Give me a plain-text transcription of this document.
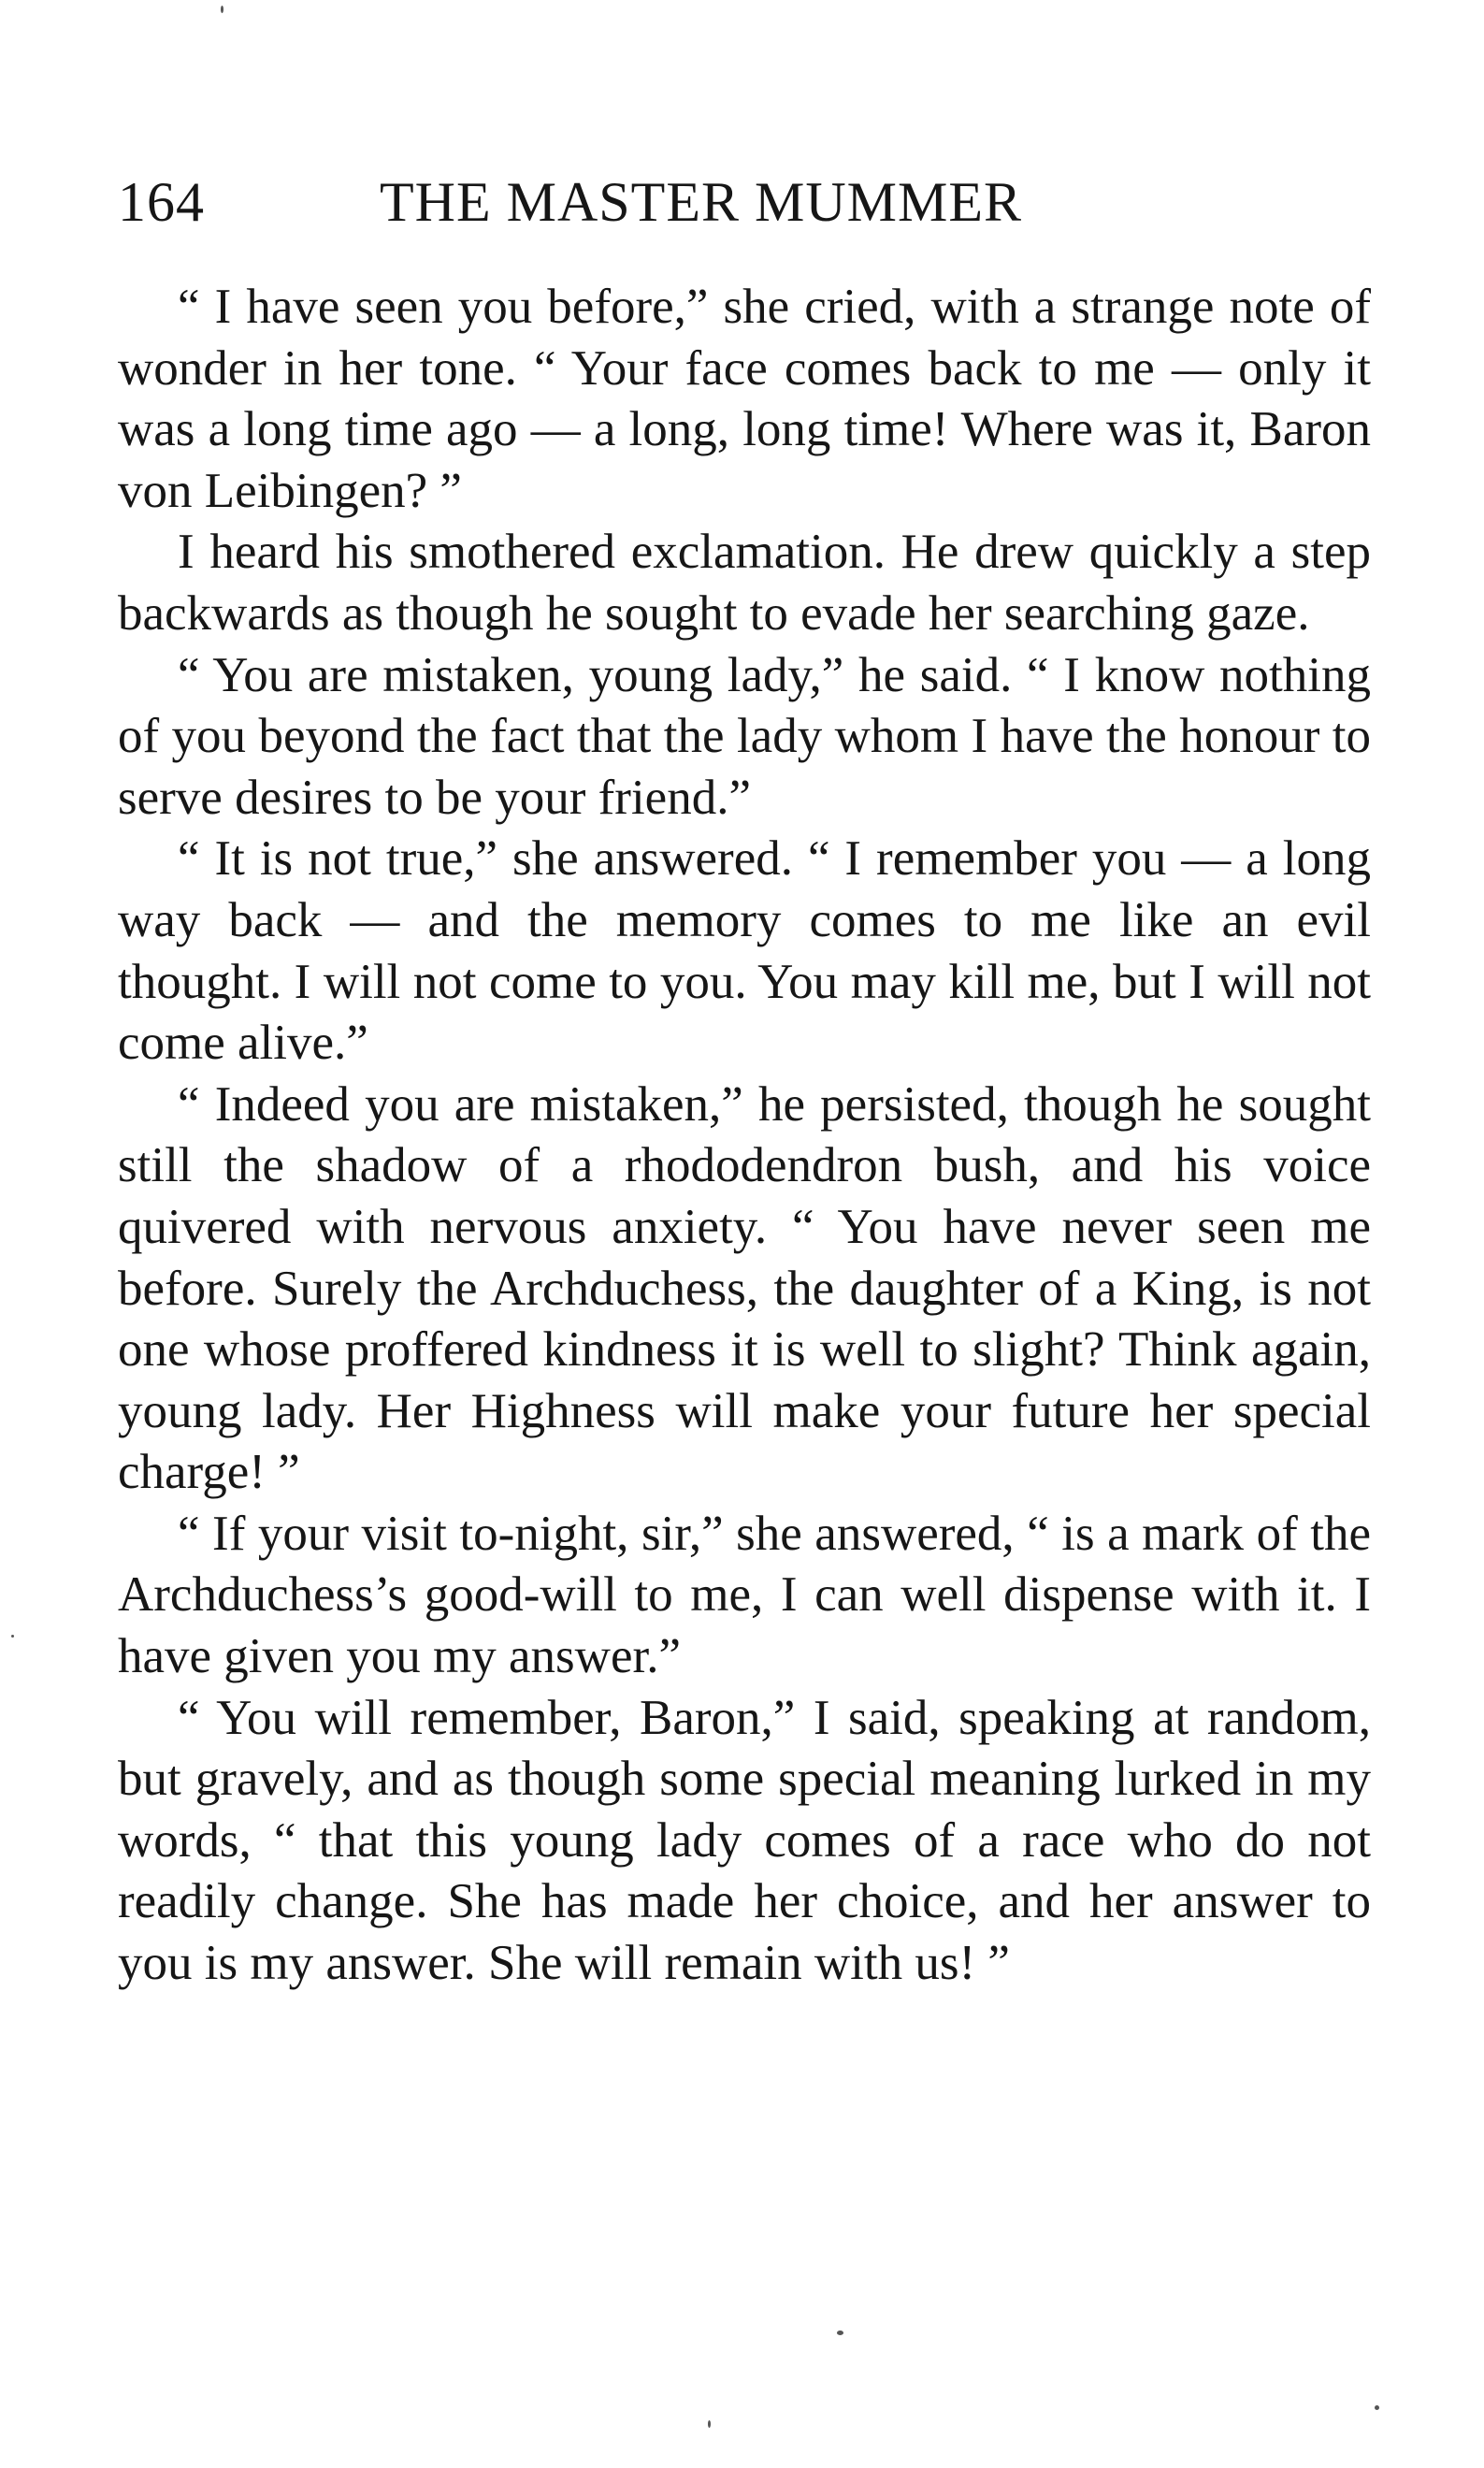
164	THE MASTER MUMMER

“ I have seen you before,” she cried, with a strange note of wonder in her tone. “ Your face comes back to me — only it was a long time ago — a long, long time! Where was it, Baron von Leibingen? ”

I heard his smothered exclamation. He drew quickly a step backwards as though he sought to evade her searching gaze.

“ You are mistaken, young lady,” he said. “ I know nothing of you beyond the fact that the lady whom I have the honour to serve desires to be your friend.”

“ It is not true,” she answered. “ I remember you — a long way back — and the memory comes to me like an evil thought. I will not come to you. You may kill me, but I will not come alive.”

“ Indeed you are mistaken,” he persisted, though he sought still the shadow of a rhododendron bush, and his voice quivered with nervous anxiety. “ You have never seen me before. Surely the Archduchess, the daughter of a King, is not one whose proffered kindness it is well to slight? Think again, young lady. Her Highness will make your future her special charge! ”

“ If your visit to-night, sir,” she answered, “ is a mark of the Archduchess’s good-will to me, I can well dispense with it. I have given you my answer.”

“ You will remember, Baron,” I said, speaking at random, but gravely, and as though some special meaning lurked in my words, “ that this young lady comes of a race who do not readily change. She has made her choice, and her answer to you is my answer. She will remain with us! ”
